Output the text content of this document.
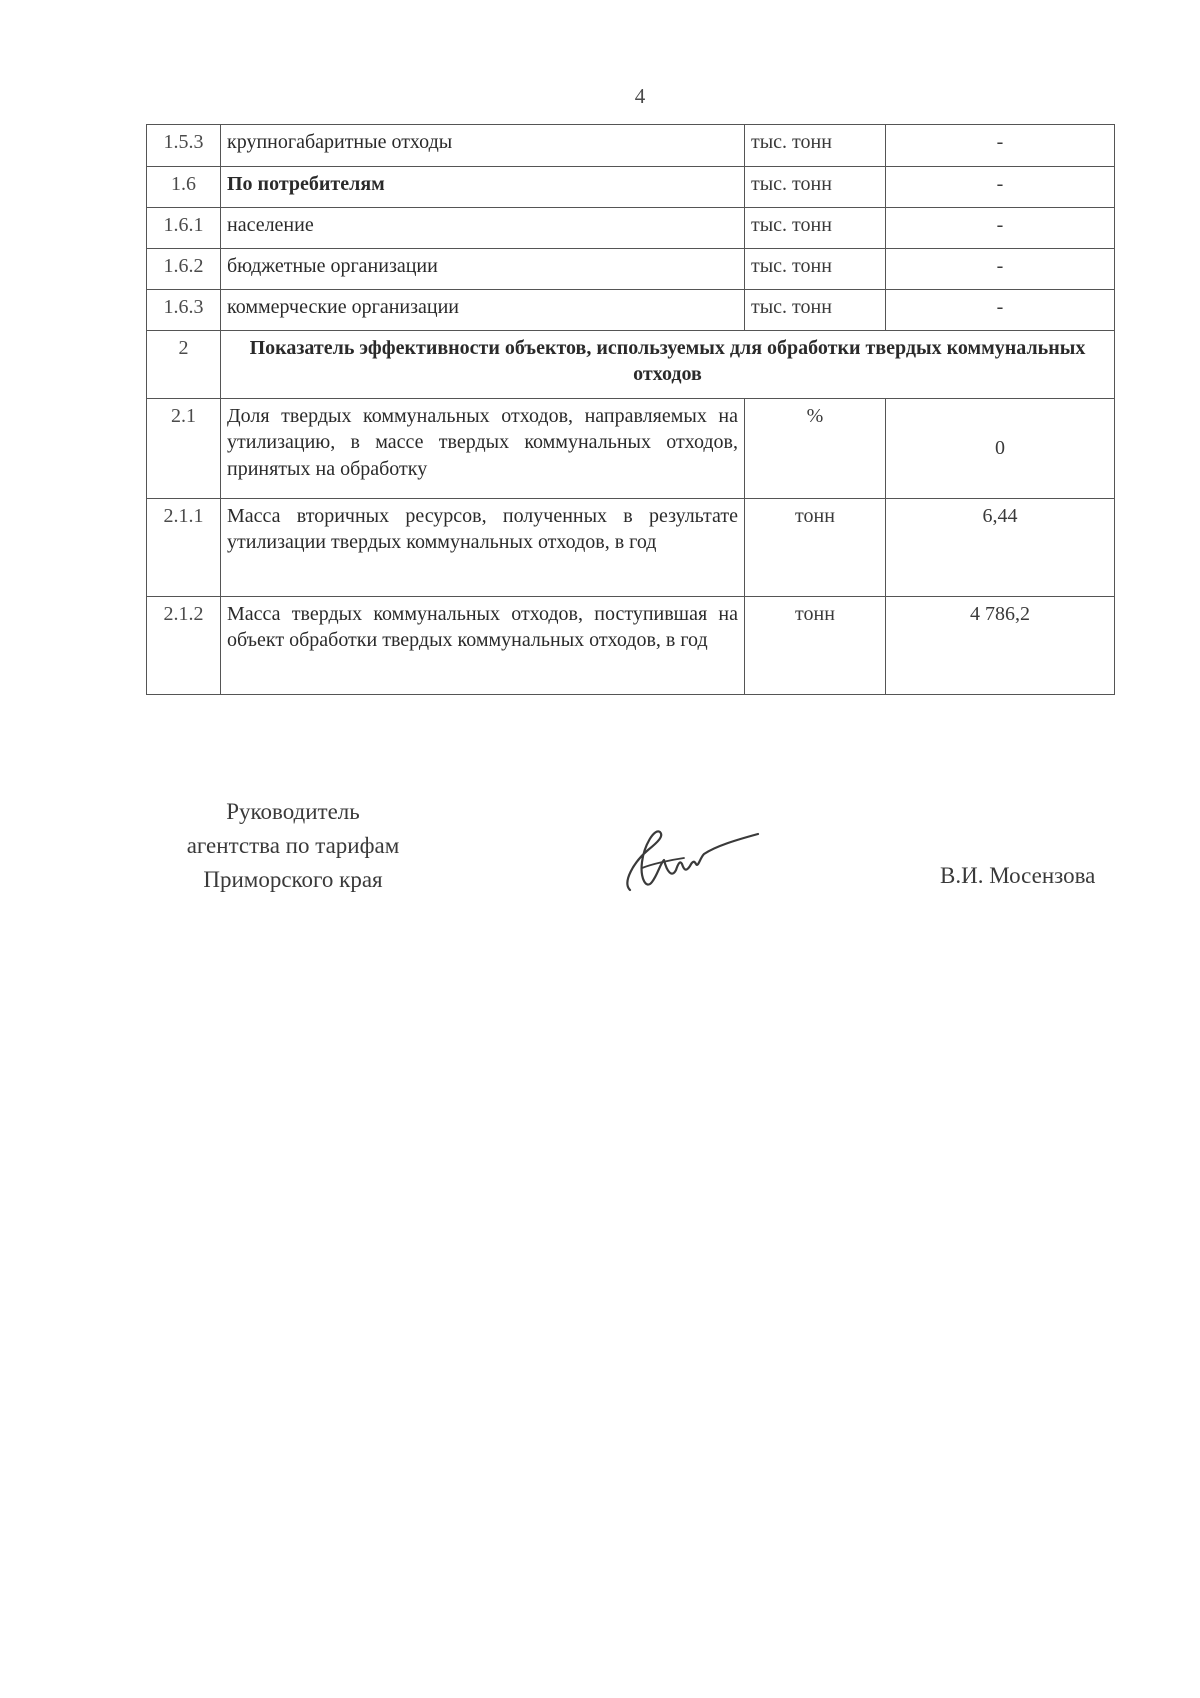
4
1.5.3	крупногабаритные отходы	тыс. тонн	-
1.6	По потребителям	тыс. тонн	-
1.6.1	население	тыс. тонн	-
1.6.2	бюджетные организации	тыс. тонн	-
1.6.3	коммерческие организации	тыс. тонн	-
2	Показатель эффективности объектов, используемых для обработки твердых коммунальных отходов		
2.1	Доля твердых коммунальных отходов, направляемых на утилизацию, в массе твердых коммунальных отходов, принятых на обработку	%	0
2.1.1	Масса вторичных ресурсов, полученных в результате утилизации твердых коммунальных отходов, в год	тонн	6,44
2.1.2	Масса твердых коммунальных отходов, поступившая на объект обработки твердых коммунальных отходов, в год	тонн	4 786,2
Руководитель
агентства по тарифам
Приморского края	В.И. Мосензова
